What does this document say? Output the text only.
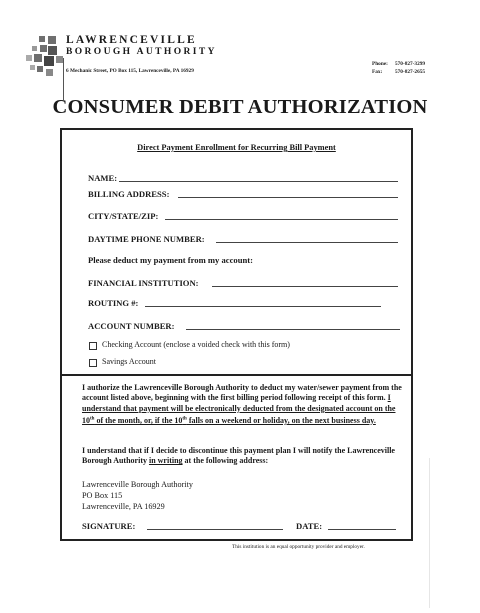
LAWRENCEVILLE
BOROUGH AUTHORITY
6 Mechanic Street, PO Box 115, Lawrenceville, PA 16929
Phone: 570-827-3299
Fax: 570-827-2655
CONSUMER DEBIT AUTHORIZATION
Direct Payment Enrollment for Recurring Bill Payment
NAME:
BILLING ADDRESS:
CITY/STATE/ZIP:
DAYTIME PHONE NUMBER:
Please deduct my payment from my account:
FINANCIAL INSTITUTION:
ROUTING #:
ACCOUNT NUMBER:
Checking Account (enclose a voided check with this form)
Savings Account
I authorize the Lawrenceville Borough Authority to deduct my water/sewer payment from the account listed above, beginning with the first billing period following receipt of this form. I understand that payment will be electronically deducted from the designated account on the 10th of the month, or, if the 10th falls on a weekend or holiday, on the next business day.
I understand that if I decide to discontinue this payment plan I will notify the Lawrenceville Borough Authority in writing at the following address:
Lawrenceville Borough Authority
PO Box 115
Lawrenceville, PA 16929
SIGNATURE:	DATE:
This institution is an equal opportunity provider and employer.
